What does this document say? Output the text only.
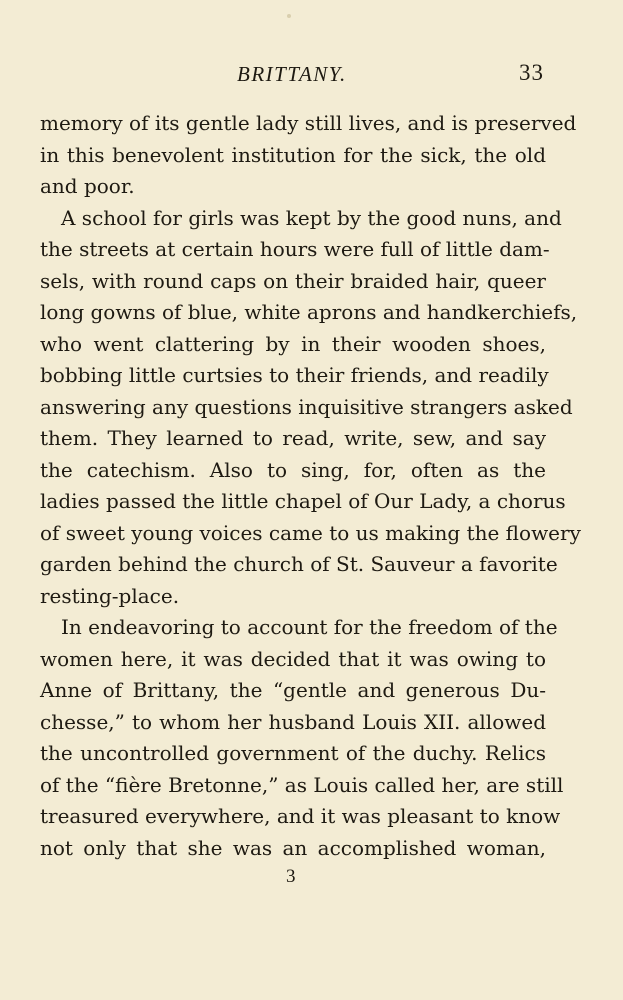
BRITTANY.	33
memory of its gentle lady still lives, and is preserved
in this benevolent institution for the sick, the old
and poor.
A school for girls was kept by the good nuns, and
the streets at certain hours were full of little dam-
sels, with round caps on their braided hair, queer
long gowns of blue, white aprons and handkerchiefs,
who went clattering by in their wooden shoes,
bobbing little curtsies to their friends, and readily
answering any questions inquisitive strangers asked
them. They learned to read, write, sew, and say
the catechism. Also to sing, for, often as the
ladies passed the little chapel of Our Lady, a chorus
of sweet young voices came to us making the flowery
garden behind the church of St. Sauveur a favorite
resting-place.
In endeavoring to account for the freedom of the
women here, it was decided that it was owing to
Anne of Brittany, the “gentle and generous Du-
chesse,” to whom her husband Louis XII. allowed
the uncontrolled government of the duchy. Relics
of the “fière Bretonne,” as Louis called her, are still
treasured everywhere, and it was pleasant to know
not only that she was an accomplished woman,
3
